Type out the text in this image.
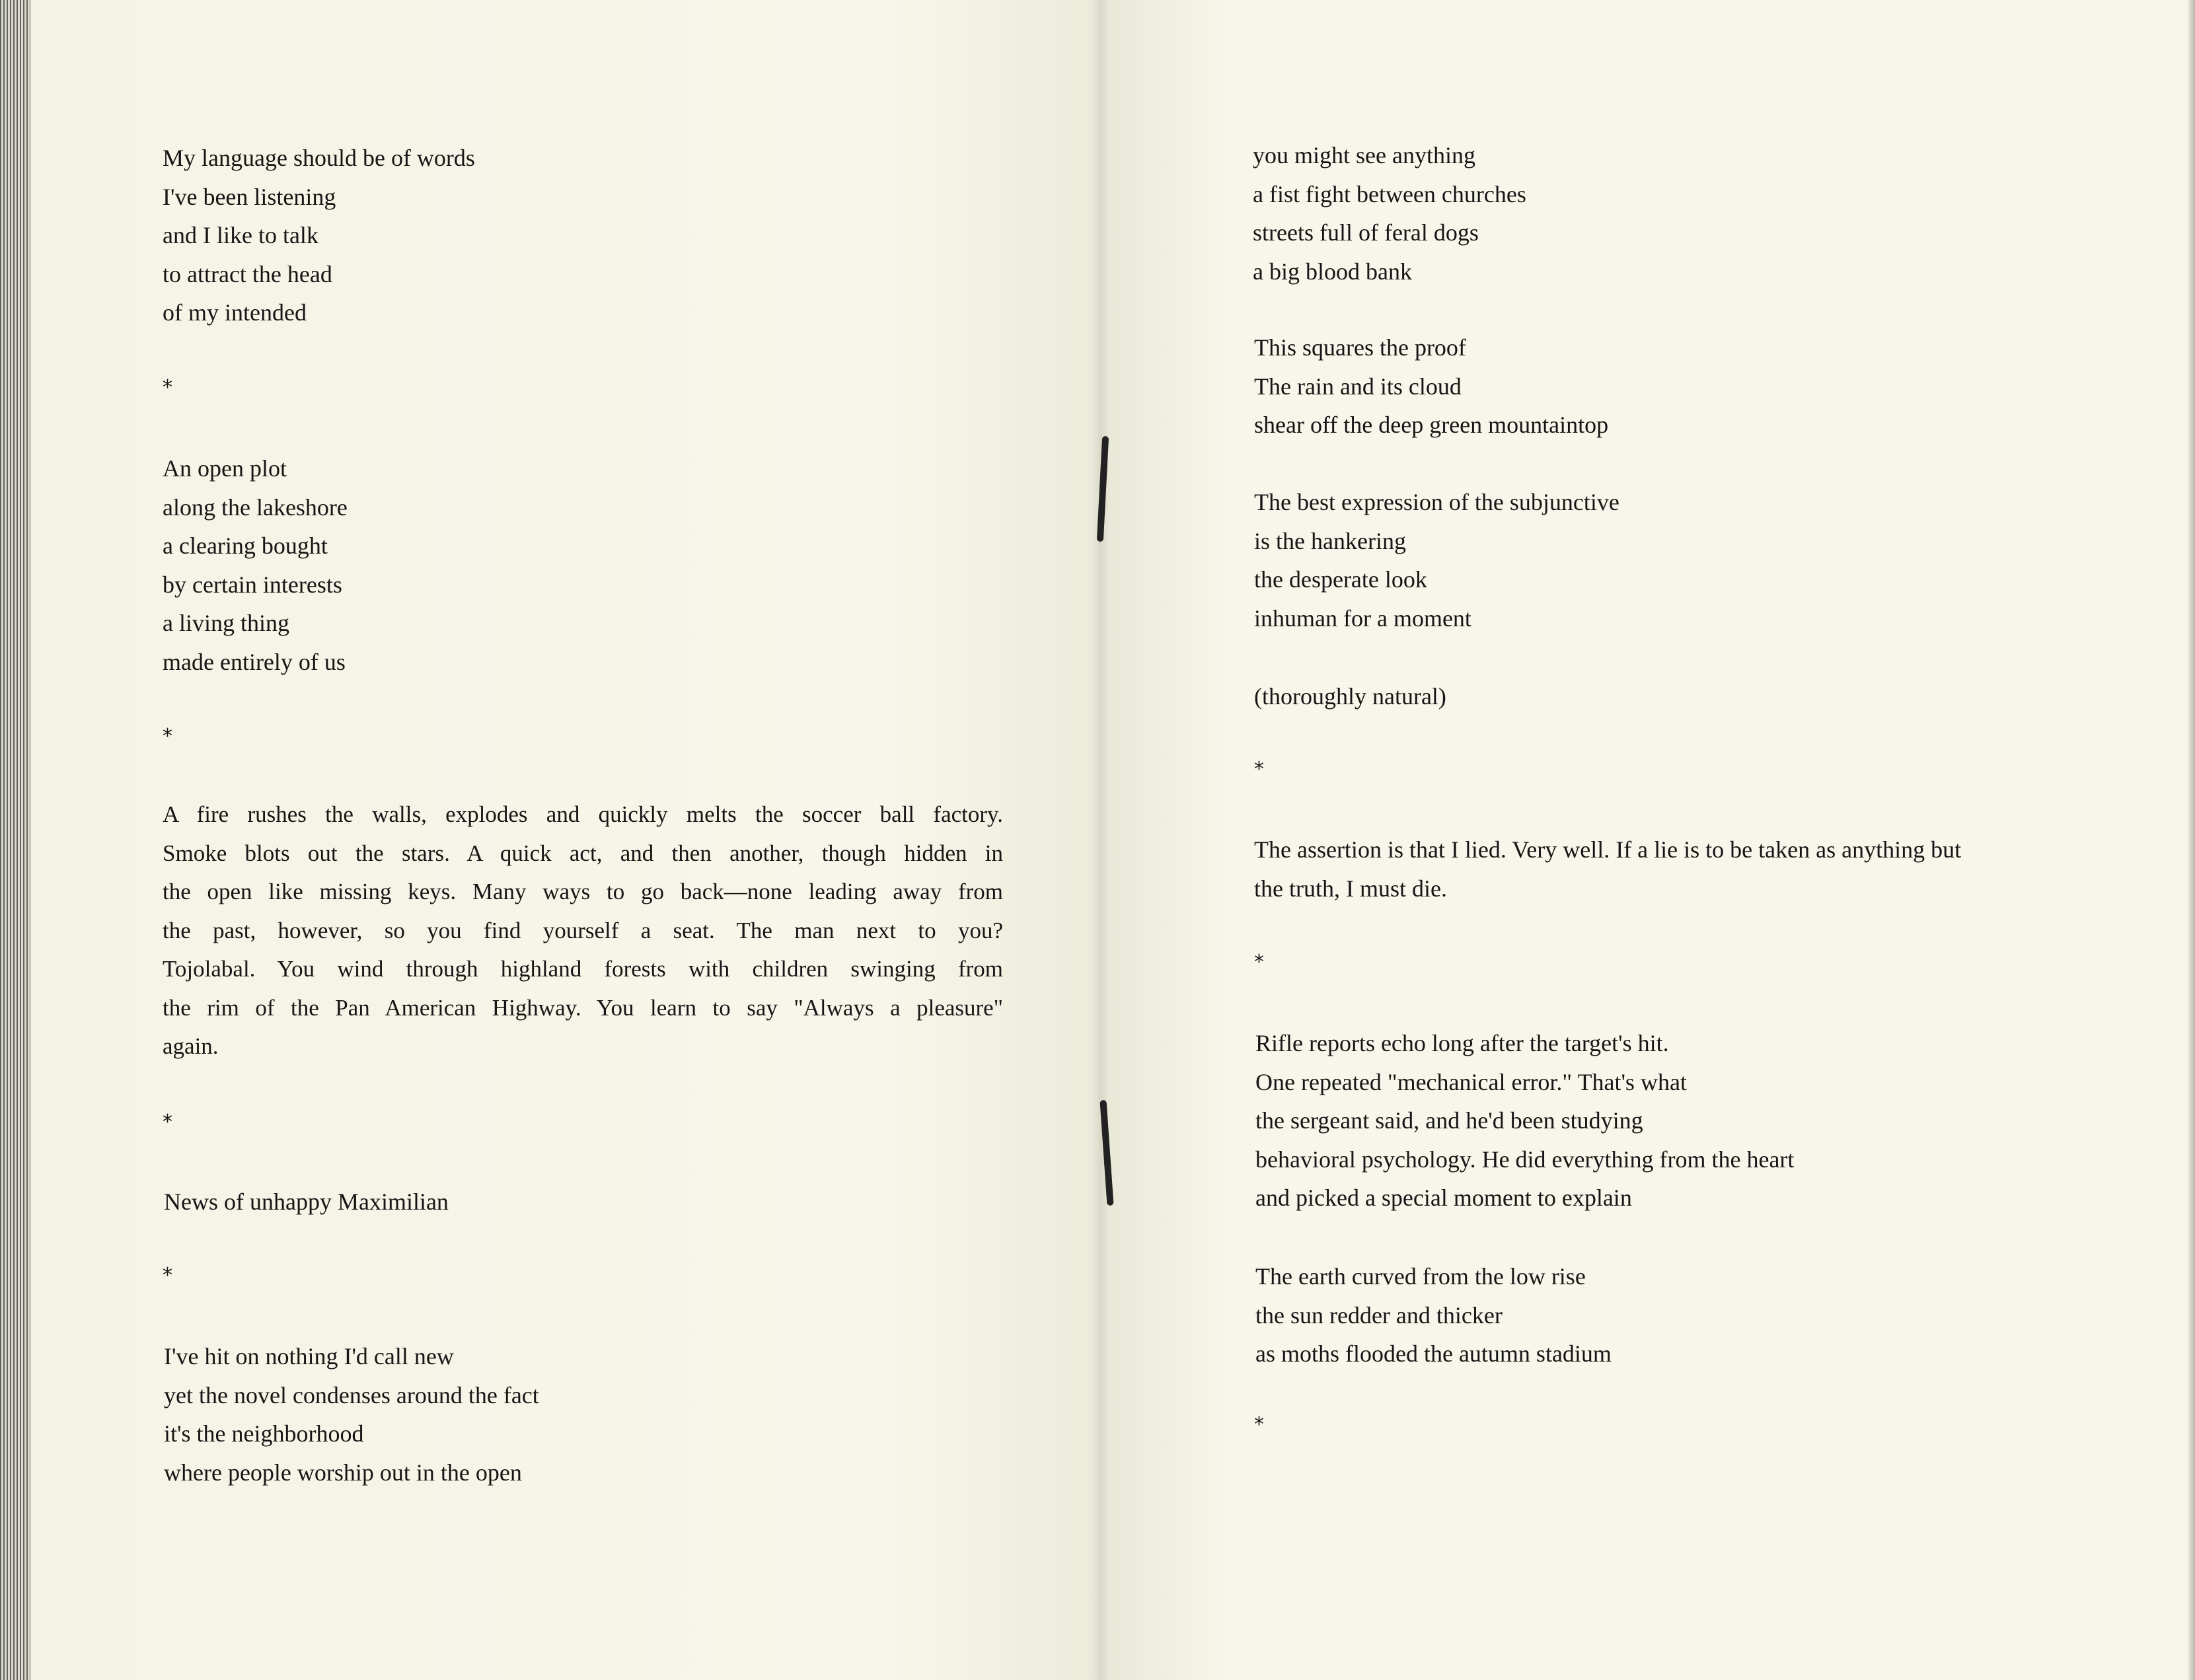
My language should be of words
I've been listening
and I like to talk
to attract the head
of my intended
*
An open plot
along the lakeshore
a clearing bought
by certain interests
a living thing
made entirely of us
*
A fire rushes the walls, explodes and quickly melts the soccer ball factory.
Smoke blots out the stars. A quick act, and then another, though hidden in
the open like missing keys. Many ways to go back—none leading away from
the past, however, so you find yourself a seat. The man next to you?
Tojolabal. You wind through highland forests with children swinging from
the rim of the Pan American Highway. You learn to say "Always a pleasure"
again.
*
News of unhappy Maximilian
*
I've hit on nothing I'd call new
yet the novel condenses around the fact
it's the neighborhood
where people worship out in the open
you might see anything
a fist fight between churches
streets full of feral dogs
a big blood bank
This squares the proof
The rain and its cloud
shear off the deep green mountaintop
The best expression of the subjunctive
is the hankering
the desperate look
inhuman for a moment
(thoroughly natural)
*
The assertion is that I lied. Very well. If a lie is to be taken as anything but
the truth, I must die.
*
Rifle reports echo long after the target's hit.
One repeated "mechanical error." That's what
the sergeant said, and he'd been studying
behavioral psychology. He did everything from the heart
and picked a special moment to explain
The earth curved from the low rise
the sun redder and thicker
as moths flooded the autumn stadium
*
